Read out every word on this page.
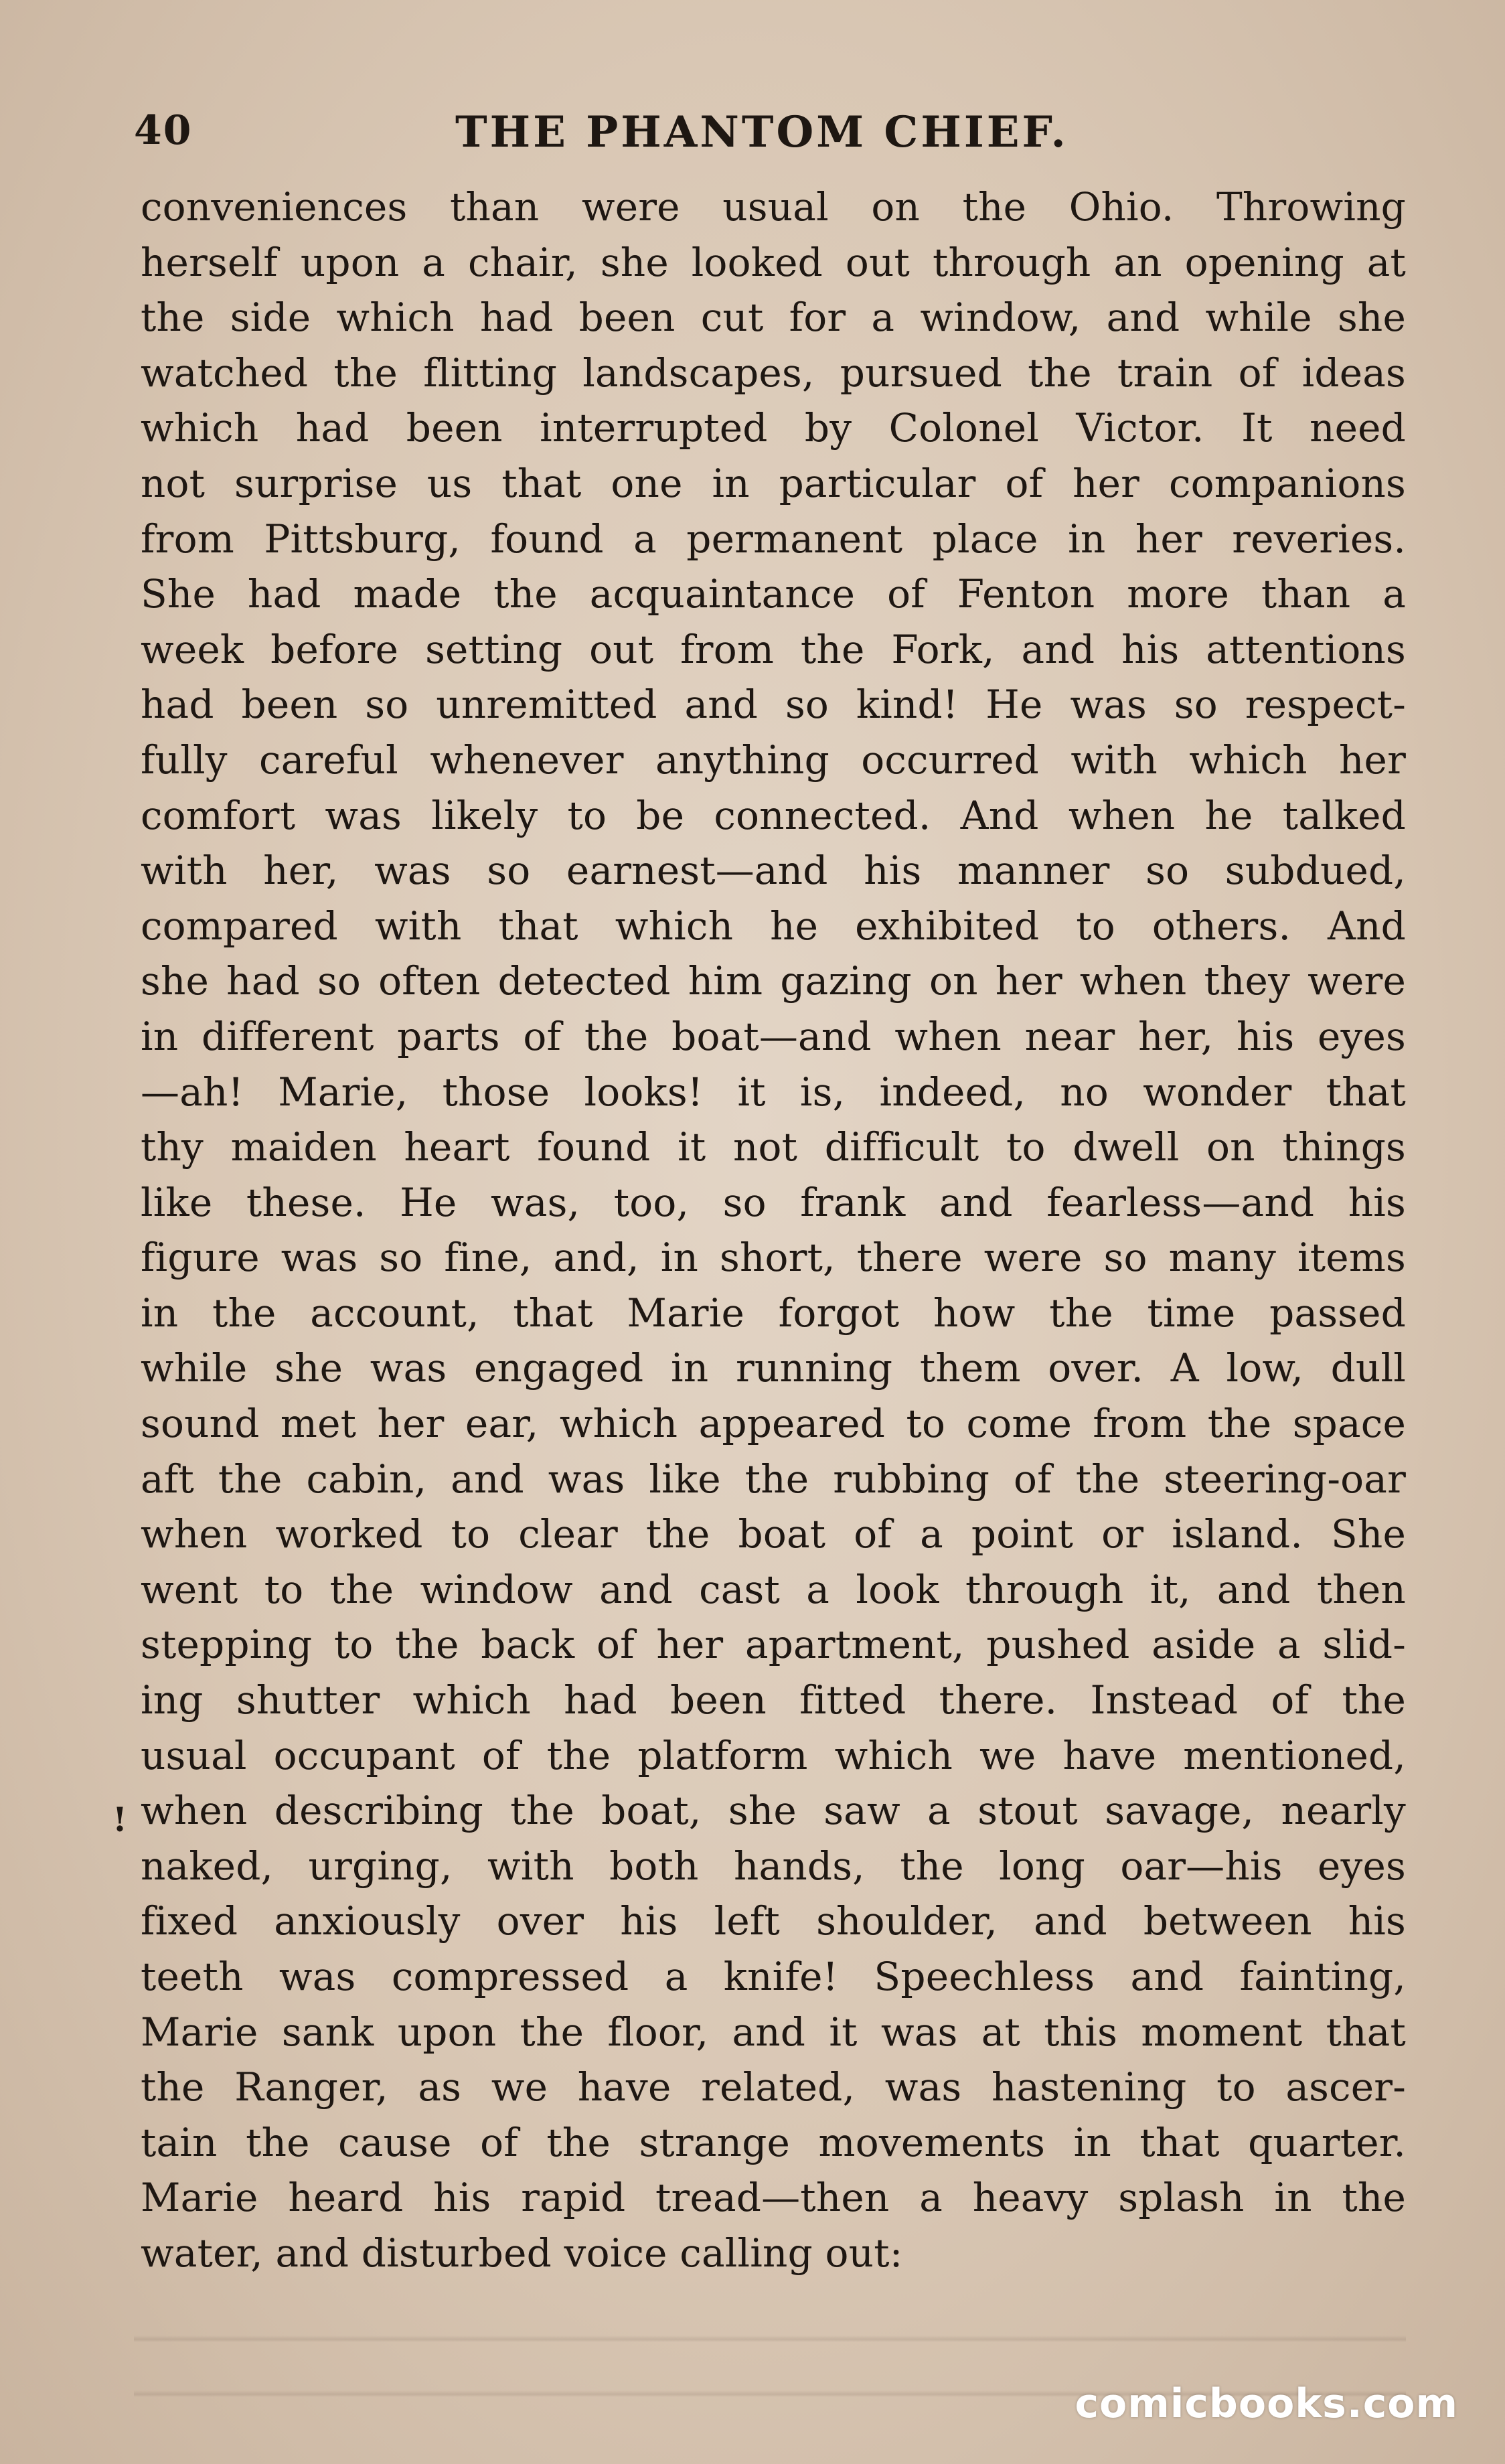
40	THE PHANTOM CHIEF.
conveniences than were usual on the Ohio. Throwing
herself upon a chair, she looked out through an opening at
the side which had been cut for a window, and while she
watched the flitting landscapes, pursued the train of ideas
which had been interrupted by Colonel Victor. It need
not surprise us that one in particular of her companions
from Pittsburg, found a permanent place in her reveries.
She had made the acquaintance of Fenton more than a
week before setting out from the Fork, and his attentions
had been so unremitted and so kind! He was so respect-
fully careful whenever anything occurred with which her
comfort was likely to be connected. And when he talked
with her, was so earnest—and his manner so subdued,
compared with that which he exhibited to others. And
she had so often detected him gazing on her when they were
in different parts of the boat—and when near her, his eyes
—ah! Marie, those looks! it is, indeed, no wonder that
thy maiden heart found it not difficult to dwell on things
like these. He was, too, so frank and fearless—and his
figure was so fine, and, in short, there were so many items
in the account, that Marie forgot how the time passed
while she was engaged in running them over. A low, dull
sound met her ear, which appeared to come from the space
aft the cabin, and was like the rubbing of the steering-oar
when worked to clear the boat of a point or island. She
went to the window and cast a look through it, and then
stepping to the back of her apartment, pushed aside a slid-
ing shutter which had been fitted there. Instead of the
usual occupant of the platform which we have mentioned,
when describing the boat, she saw a stout savage, nearly
naked, urging, with both hands, the long oar—his eyes
fixed anxiously over his left shoulder, and between his
teeth was compressed a knife! Speechless and fainting,
Marie sank upon the floor, and it was at this moment that
the Ranger, as we have related, was hastening to ascer-
tain the cause of the strange movements in that quarter.
Marie heard his rapid tread—then a heavy splash in the
water, and disturbed voice calling out:
!
comicbooks.com
